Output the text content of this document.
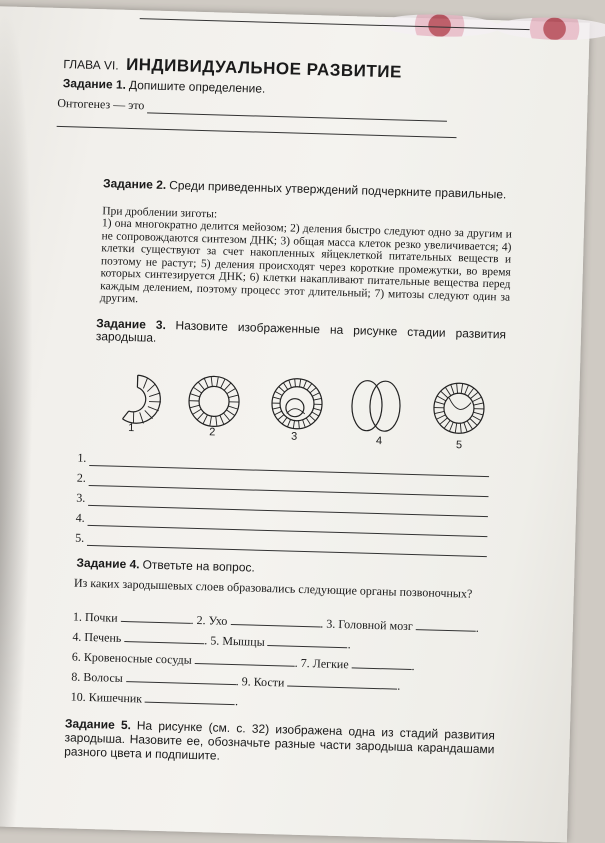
ГЛАВА VI. ИНДИВИДУАЛЬНОЕ РАЗВИТИЕ
Задание 1. Допишите определение.
Онтогенез — это
Задание 2. Среди приведенных утверждений подчеркните правильные.
При дроблении зиготы:
1) она многократно делится мейозом; 2) деления быстро следуют одно за другим и не сопровождаются синтезом ДНК; 3) общая масса клеток резко увеличивается; 4) клетки существуют за счет накопленных яйцеклеткой питательных веществ и поэтому не растут; 5) деления происходят через короткие промежутки, во время которых синтезируется ДНК; 6) клетки накапливают питательные вещества перед каждым делением, поэтому процесс этот длительный; 7) митозы следуют один за другим.
Задание 3. Назовите изображенные на рисунке стадии развития зародыша.
1	2	3	4	5
1.
2.
3.
4.
5.
Задание 4. Ответьте на вопрос.
Из каких зародышевых слоев образовались следующие органы позвоночных?
1. Почки	. 2. Ухо	. 3. Головной мозг	.
4. Печень	. 5. Мышцы	.
6. Кровеносные сосуды	. 7. Легкие	.
8. Волосы	. 9. Кости	.
10. Кишечник	.
Задание 5. На рисунке (см. с. 32) изображена одна из стадий развития зародыша. Назовите ее, обозначьте разные части зародыша карандашами разного цвета и подпишите.
